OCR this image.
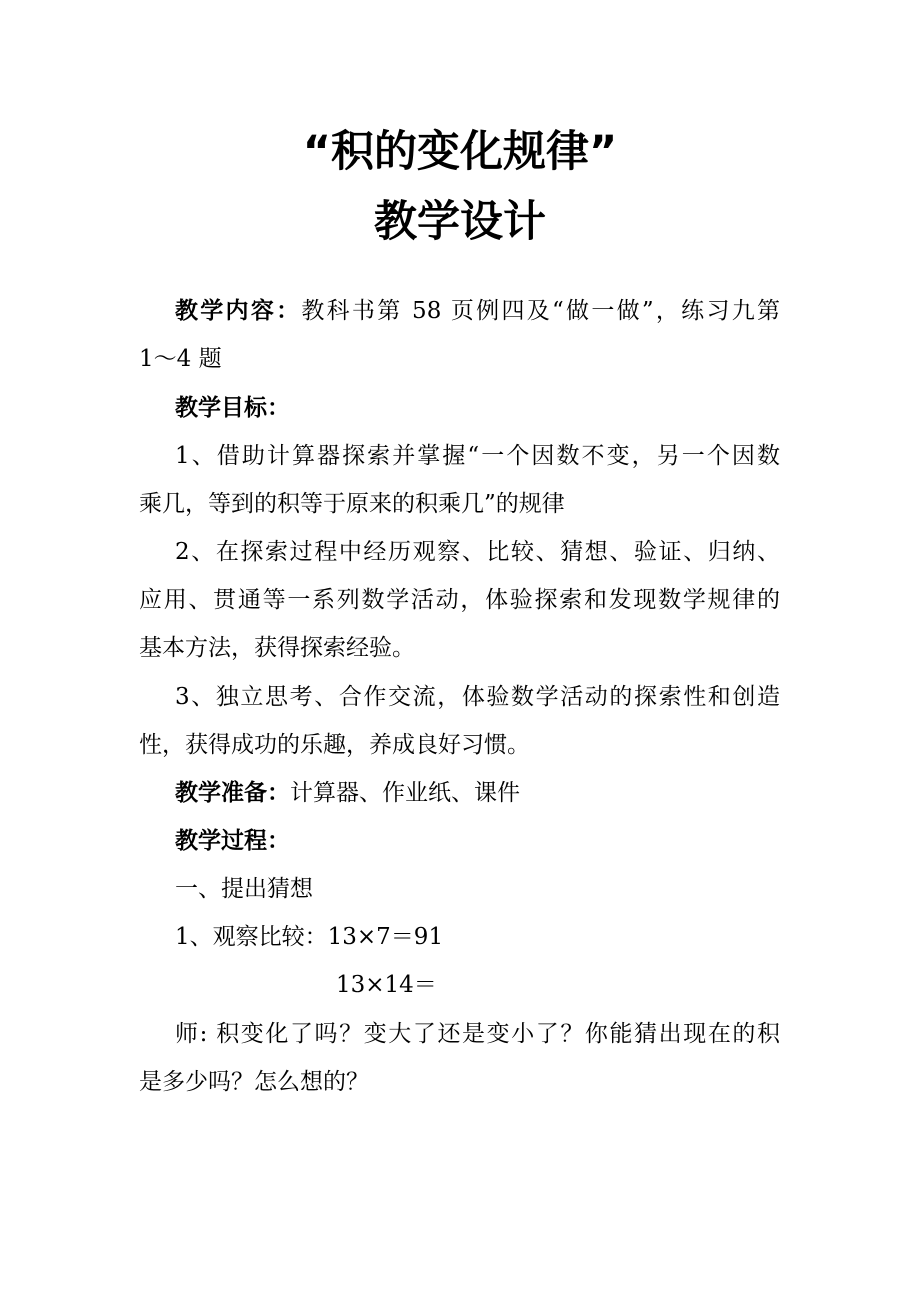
“积的变化规律”
教学设计
教学内容：教科书第 58 页例四及“做一做”，练习九第
1～4 题
教学目标：
1、借助计算器探索并掌握“一个因数不变，另一个因数
乘几，等到的积等于原来的积乘几”的规律
2、在探索过程中经历观察、比较、猜想、验证、归纳、
应用、贯通等一系列数学活动，体验探索和发现数学规律的
基本方法，获得探索经验。
3、独立思考、合作交流，体验数学活动的探索性和创造
性，获得成功的乐趣，养成良好习惯。
教学准备：计算器、作业纸、课件
教学过程：
一、提出猜想
1、观察比较：13×7＝91
13×14＝
师: 积变化了吗？变大了还是变小了？你能猜出现在的积
是多少吗？怎么想的？
